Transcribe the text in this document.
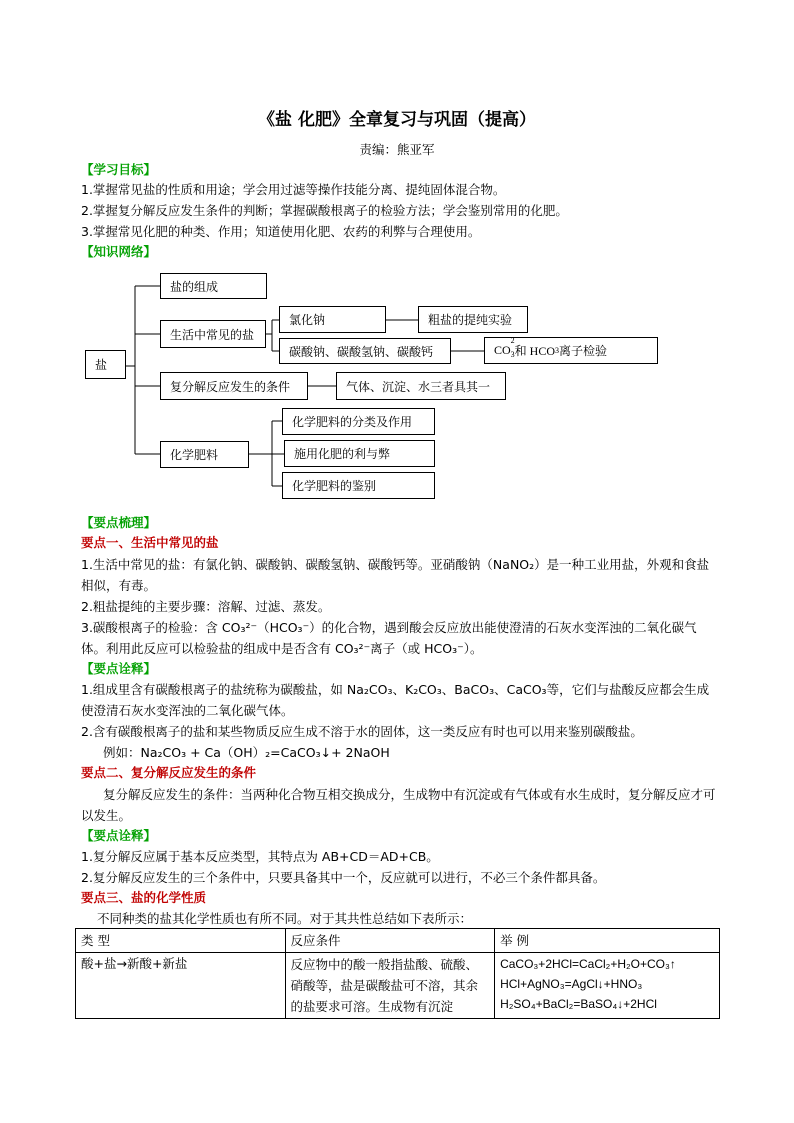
《盐 化肥》全章复习与巩固（提高）
责编：熊亚军
【学习目标】
1.掌握常见盐的性质和用途；学会用过滤等操作技能分离、提纯固体混合物。
2.掌握复分解反应发生条件的判断；掌握碳酸根离子的检验方法；学会鉴别常用的化肥。
3.掌握常见化肥的种类、作用；知道使用化肥、农药的利弊与合理使用。
【知识网络】
盐
盐的组成
生活中常见的盐
氯化钠	粗盐的提纯实验
碳酸钠、碳酸氢钠、碳酸钙	CO
2
3 和 HCO 3 离子检验
复分解反应发生的条件	气体、沉淀、水三者具其一
化学肥料
化学肥料的分类及作用
施用化肥的利与弊
化学肥料的鉴别
【要点梳理】
要点一、生活中常见的盐
1.生活中常见的盐：有氯化钠、碳酸钠、碳酸氢钠、碳酸钙等。亚硝酸钠（NaNO₂）是一种工业用盐，外观和食盐相似，有毒。
2.粗盐提纯的主要步骤：溶解、过滤、蒸发。
3.碳酸根离子的检验：含 CO₃²⁻（HCO₃⁻）的化合物，遇到酸会反应放出能使澄清的石灰水变浑浊的二氧化碳气体。利用此反应可以检验盐的组成中是否含有 CO₃²⁻离子（或 HCO₃⁻）。
【要点诠释】
1.组成里含有碳酸根离子的盐统称为碳酸盐，如 Na₂CO₃、K₂CO₃、BaCO₃、CaCO₃等，它们与盐酸反应都会生成使澄清石灰水变浑浊的二氧化碳气体。
2.含有碳酸根离子的盐和某些物质反应生成不溶于水的固体，这一类反应有时也可以用来鉴别碳酸盐。
例如：Na₂CO₃ + Ca（OH）₂=CaCO₃↓+ 2NaOH
要点二、复分解反应发生的条件
复分解反应发生的条件：当两种化合物互相交换成分，生成物中有沉淀或有气体或有水生成时，复分解反应才可以发生。
【要点诠释】
1.复分解反应属于基本反应类型，其特点为 AB+CD＝AD+CB。
2.复分解反应发生的三个条件中，只要具备其中一个，反应就可以进行，不必三个条件都具备。
要点三、盐的化学性质
不同种类的盐其化学性质也有所不同。对于其共性总结如下表所示：
类 型	反应条件	举 例
酸+盐→新酸+新盐	反应物中的酸一般指盐酸、硫酸、硝酸等，盐是碳酸盐可不溶，其余的盐要求可溶。生成物有沉淀	CaCO₃+2HCl=CaCl₂+H₂O+CO₃↑
HCl+AgNO₃=AgCl↓+HNO₃
H₂SO₄+BaCl₂=BaSO₄↓+2HCl
